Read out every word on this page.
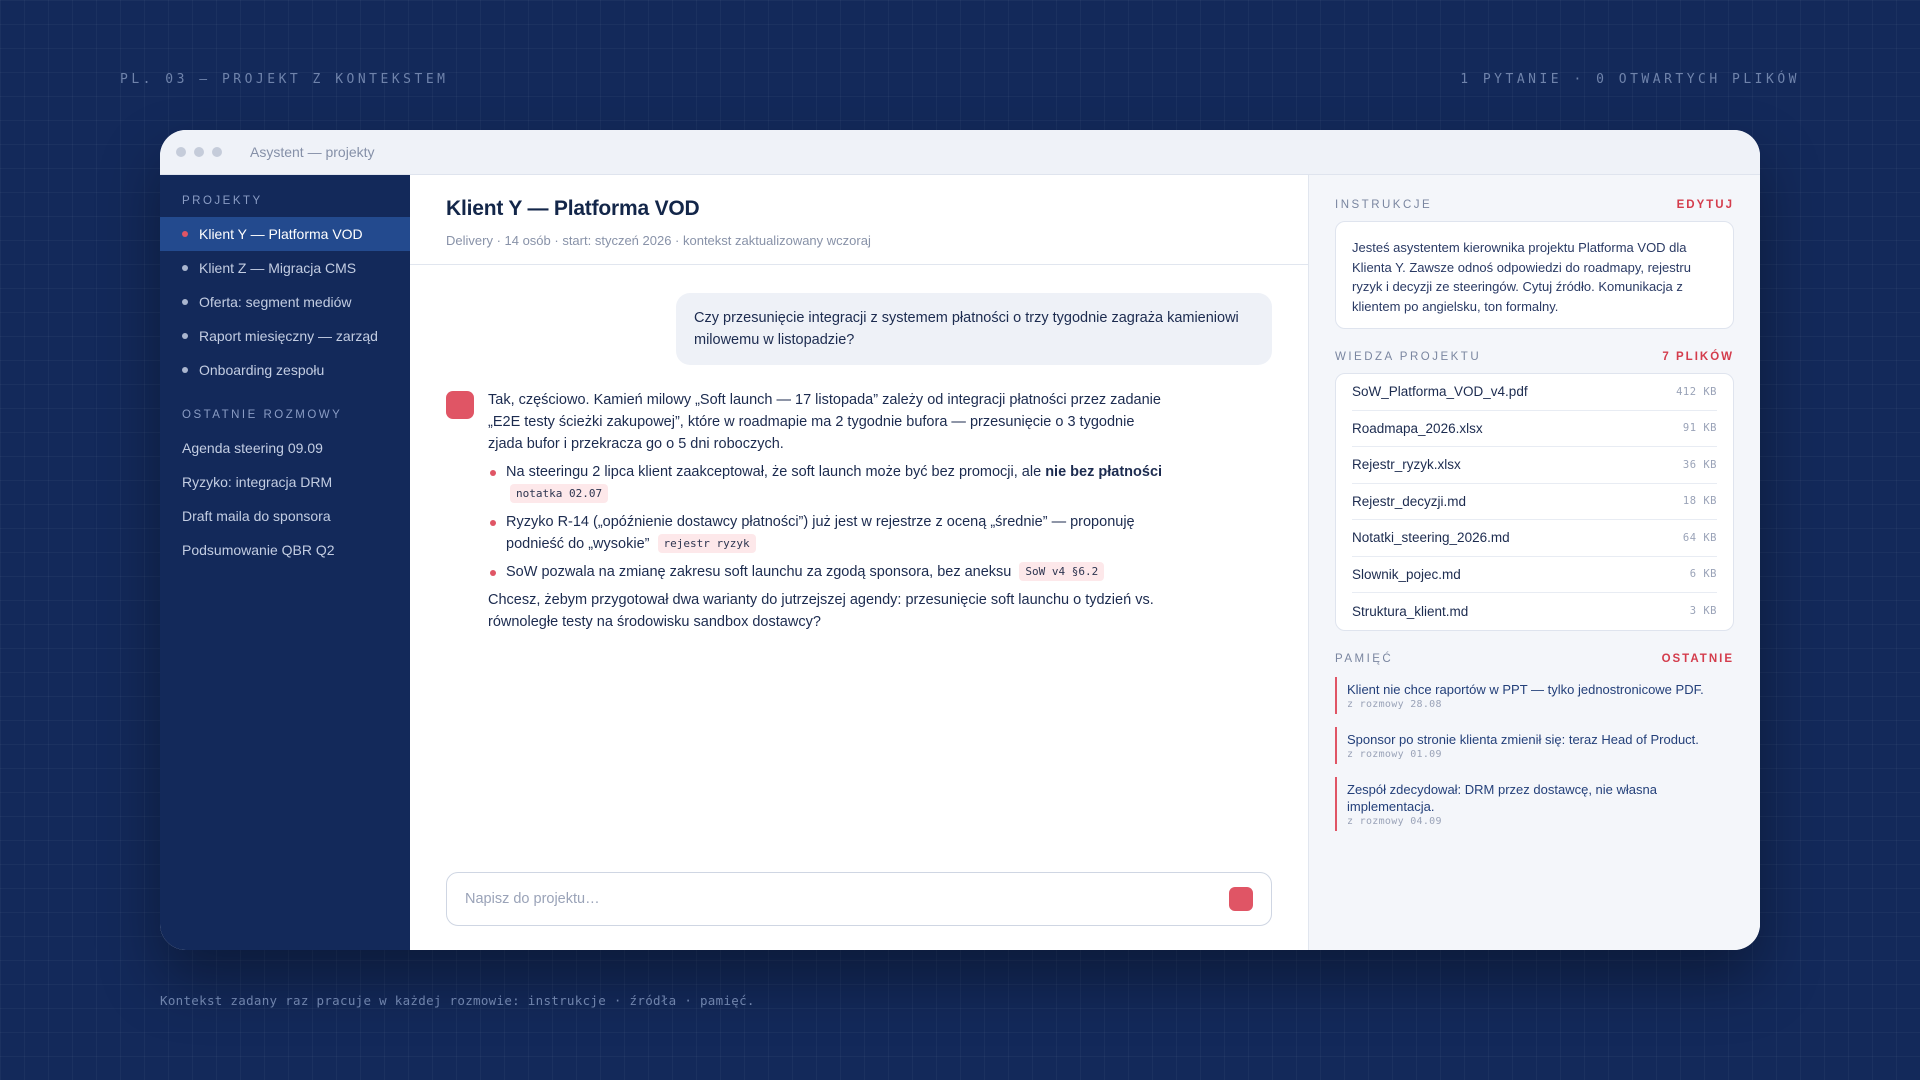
PL. 03 — PROJEKT Z KONTEKSTEM	1 PYTANIE · 0 OTWARTYCH PLIKÓW
Asystent — projekty
PROJEKTY
Klient Y — Platforma VOD
Klient Z — Migracja CMS
Oferta: segment mediów
Raport miesięczny — zarząd
Onboarding zespołu
OSTATNIE ROZMOWY
Agenda steering 09.09
Ryzyko: integracja DRM
Draft maila do sponsora
Podsumowanie QBR Q2
Klient Y — Platforma VOD
Delivery · 14 osób · start: styczeń 2026 · kontekst zaktualizowany wczoraj
Czy przesunięcie integracji z systemem płatności o trzy tygodnie zagraża kamieniowi milowemu w listopadzie?
Tak, częściowo. Kamień milowy „Soft launch — 17 listopada” zależy od integracji płatności przez zadanie „E2E testy ścieżki zakupowej”, które w roadmapie ma 2 tygodnie bufora — przesunięcie o 3 tygodnie zjada bufor i przekracza go o 5 dni roboczych.
Na steeringu 2 lipca klient zaakceptował, że soft launch może być bez promocji, ale nie bez płatności notatka 02.07
Ryzyko R-14 („opóźnienie dostawcy płatności”) już jest w rejestrze z oceną „średnie” — proponuję podnieść do „wysokie” rejestr ryzyk
SoW pozwala na zmianę zakresu soft launchu za zgodą sponsora, bez aneksu SoW v4 §6.2
Chcesz, żebym przygotował dwa warianty do jutrzejszej agendy: przesunięcie soft launchu o tydzień vs. równoległe testy na środowisku sandbox dostawcy?
Napisz do projektu…
INSTRUKCJE	EDYTUJ
Jesteś asystentem kierownika projektu Platforma VOD dla Klienta Y. Zawsze odnoś odpowiedzi do roadmapy, rejestru ryzyk i decyzji ze steeringów. Cytuj źródło. Komunikacja z klientem po angielsku, ton formalny.
WIEDZA PROJEKTU	7 PLIKÓW
SoW_Platforma_VOD_v4.pdf	412 KB
Roadmapa_2026.xlsx	91 KB
Rejestr_ryzyk.xlsx	36 KB
Rejestr_decyzji.md	18 KB
Notatki_steering_2026.md	64 KB
Slownik_pojec.md	6 KB
Struktura_klient.md	3 KB
PAMIĘĆ	OSTATNIE
Klient nie chce raportów w PPT — tylko jednostronicowe PDF.
z rozmowy 28.08
Sponsor po stronie klienta zmienił się: teraz Head of Product.
z rozmowy 01.09
Zespół zdecydował: DRM przez dostawcę, nie własna implementacja.
z rozmowy 04.09
Kontekst zadany raz pracuje w każdej rozmowie: instrukcje · źródła · pamięć.
